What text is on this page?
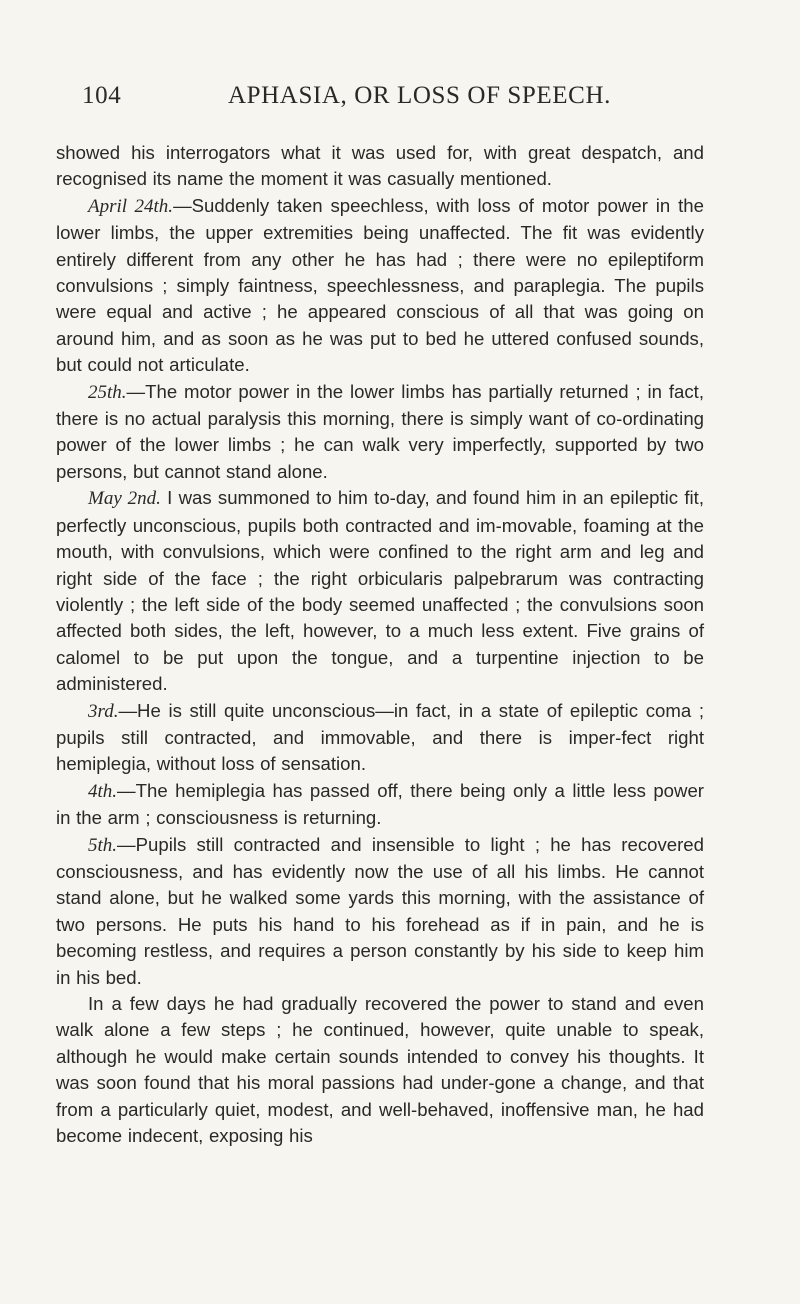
104	APHASIA, OR LOSS OF SPEECH.

showed his interrogators what it was used for, with great despatch, and recognised its name the moment it was casually mentioned.

April 24th.—Suddenly taken speechless, with loss of motor power in the lower limbs, the upper extremities being unaffected. The fit was evidently entirely different from any other he has had ; there were no epileptiform convulsions ; simply faintness, speechlessness, and paraplegia. The pupils were equal and active ; he appeared conscious of all that was going on around him, and as soon as he was put to bed he uttered confused sounds, but could not articulate.

25th.—The motor power in the lower limbs has partially returned ; in fact, there is no actual paralysis this morning, there is simply want of co-ordinating power of the lower limbs ; he can walk very imperfectly, supported by two persons, but cannot stand alone.

May 2nd. I was summoned to him to-day, and found him in an epileptic fit, perfectly unconscious, pupils both contracted and im-movable, foaming at the mouth, with convulsions, which were confined to the right arm and leg and right side of the face ; the right orbicularis palpebrarum was contracting violently ; the left side of the body seemed unaffected ; the convulsions soon affected both sides, the left, however, to a much less extent. Five grains of calomel to be put upon the tongue, and a turpentine injection to be administered.

3rd.—He is still quite unconscious—in fact, in a state of epileptic coma ; pupils still contracted, and immovable, and there is imper-fect right hemiplegia, without loss of sensation.

4th.—The hemiplegia has passed off, there being only a little less power in the arm ; consciousness is returning.

5th.—Pupils still contracted and insensible to light ; he has recovered consciousness, and has evidently now the use of all his limbs. He cannot stand alone, but he walked some yards this morning, with the assistance of two persons. He puts his hand to his forehead as if in pain, and he is becoming restless, and requires a person constantly by his side to keep him in his bed.

In a few days he had gradually recovered the power to stand and even walk alone a few steps ; he continued, however, quite unable to speak, although he would make certain sounds intended to convey his thoughts. It was soon found that his moral passions had under-gone a change, and that from a particularly quiet, modest, and well-behaved, inoffensive man, he had become indecent, exposing his
